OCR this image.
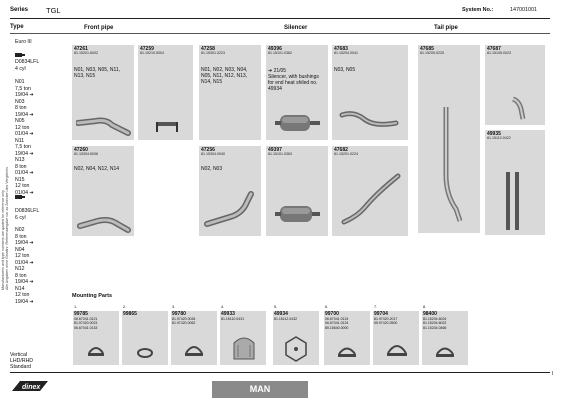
Manufacturers and type numbers are quoted for reference only Alle Angaben ohne Gewähr, Referenzangabe nur zu Zwecken des Vergleichs
Series TGL	System No.:	147001001
Type
Euro III
D0834LFL
4 cyl
N01
7,5 ton
19/04 ➔
N03
8 ton
19/04 ➔
N05
12 ton
01/04 ➔
N11
7,5 ton
19/04 ➔
N13
8 ton
01/04 ➔
N15
12 ton
01/04 ➔
D0836LFL
6 cyl
N02
8 ton
19/04 ➔
N04
12 ton
01/04 ➔
N12
8 ton
19/04 ➔
N14
12 ton
19/04 ➔
Front pipe	Silencer	Tail pipe
47261
81.15201.6002
N01, N03, N05, N11,
N13, N15
47259
81.15210.5004
47258
81.15301.0223
N01, N02, N03, N04,
N05, N11, N12, N13,
N14, N15
49396
81.15101.0362
➔ 21/05
Silencer, with bushings
for end heat shiled no.
49934
47683
81.15204.0041
N03, N05
47685
81.15205.0225
47687
81.15105.0023
47260
81.15304.6006
N02, N04, N12, N14
47256
81.15304.0040
N02, N03
49397
81.15101.0363
47682
81.15201.0224
49935
81.15110.0422
Mounting Parts
1.
99785
06.67041.0121
81.97420.0023
06.67041.0133
2.
99865
3.
99780
81.97420.0026
81.97420.0062
4.
49933
81.15110.0431
5.
49934
81.15112.0432
6.
99700
06.67041.0124
06.67041.0124
85.15640.0000
7.
99704
81.97420.2017
55.97420.0500
8.
98400
81.15204.6024
81.15204.6022
81.15204.0466
Vertical
LHD/RHD
Standard
dinex	MAN
I
